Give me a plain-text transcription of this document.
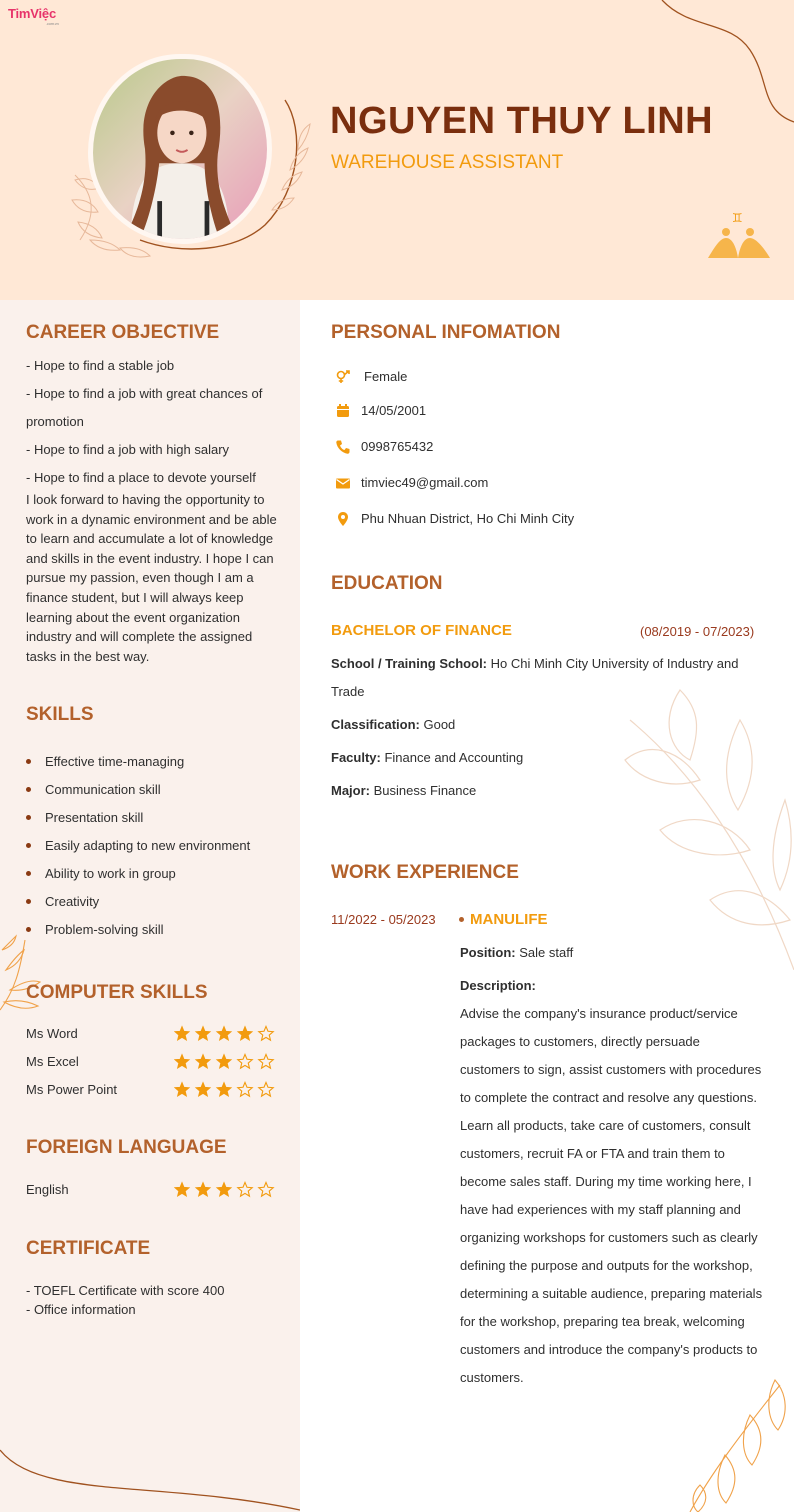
TimViệc
.com.vn
NGUYEN THUY LINH
WAREHOUSE ASSISTANT
♊
CAREER OBJECTIVE
- Hope to find a stable job
- Hope to find a job with great chances of
promotion
- Hope to find a job with high salary
- Hope to find a place to devote yourself
I look forward to having the opportunity to work in a dynamic environment and be able to learn and accumulate a lot of knowledge and skills in the event industry. I hope I can pursue my passion, even though I am a finance student, but I will always keep learning about the event organization industry and will complete the assigned tasks in the best way.
SKILLS
Effective time-managing
Communication skill
Presentation skill
Easily adapting to new environment
Ability to work in group
Creativity
Problem-solving skill
COMPUTER SKILLS
Ms Word
Ms Excel
Ms Power Point
FOREIGN LANGUAGE
English
CERTIFICATE
- TOEFL Certificate with score 400
- Office information
PERSONAL INFOMATION
Female
14/05/2001
0998765432
timviec49@gmail.com
Phu Nhuan District, Ho Chi Minh City
EDUCATION
BACHELOR OF FINANCE	(08/2019 - 07/2023)
School / Training School: Ho Chi Minh City University of Industry and
Trade
Classification: Good
Faculty: Finance and Accounting
Major: Business Finance
WORK EXPERIENCE
11/2022 - 05/2023	MANULIFE
Position: Sale staff
Description:
Advise the company's insurance product/service
packages to customers, directly persuade
customers to sign, assist customers with procedures
to complete the contract and resolve any questions.
Learn all products, take care of customers, consult
customers, recruit FA or FTA and train them to
become sales staff. During my time working here, I
have had experiences with my staff planning and
organizing workshops for customers such as clearly
defining the purpose and outputs for the workshop,
determining a suitable audience, preparing materials
for the workshop, preparing tea break, welcoming
customers and introduce the company's products to
customers.
